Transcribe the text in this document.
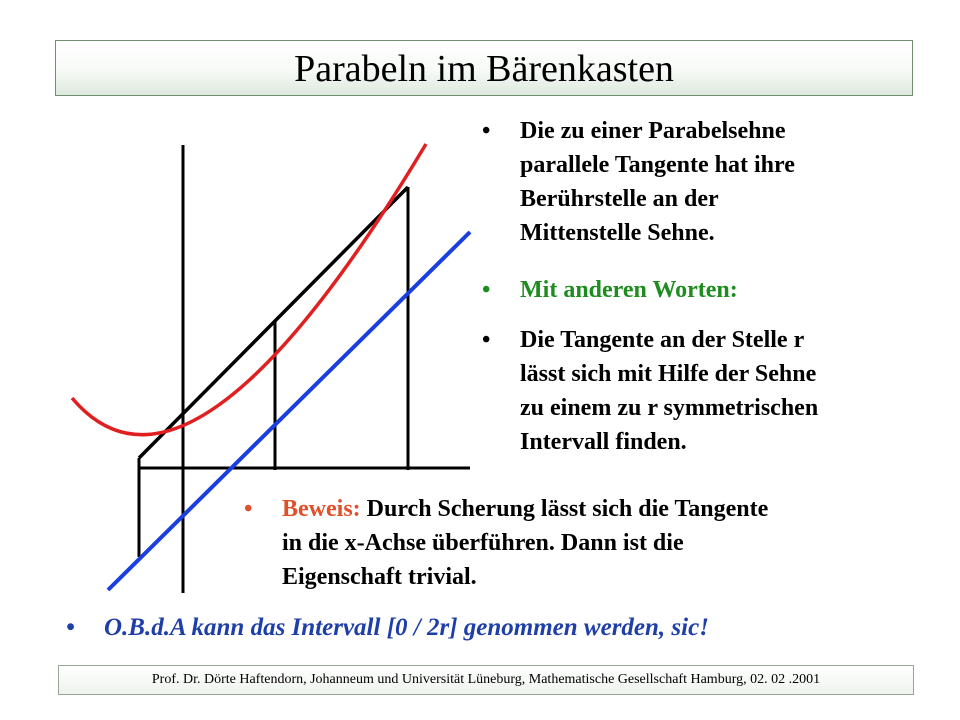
Parabeln im Bärenkasten
• Die zu einer Parabelsehne
parallele Tangente hat ihre
Berührstelle an der
Mittenstelle Sehne.
• Mit anderen Worten:
• Die Tangente an der Stelle r
lässt sich mit Hilfe der Sehne
zu einem zu r symmetrischen
Intervall finden.
• Beweis: Durch Scherung lässt sich die Tangente
in die x-Achse überführen. Dann ist die
Eigenschaft trivial.
• O.B.d.A kann das Intervall [0 / 2r] genommen werden, sic!
Prof. Dr. Dörte Haftendorn, Johanneum und Universität Lüneburg, Mathematische Gesellschaft Hamburg, 02. 02 .2001
